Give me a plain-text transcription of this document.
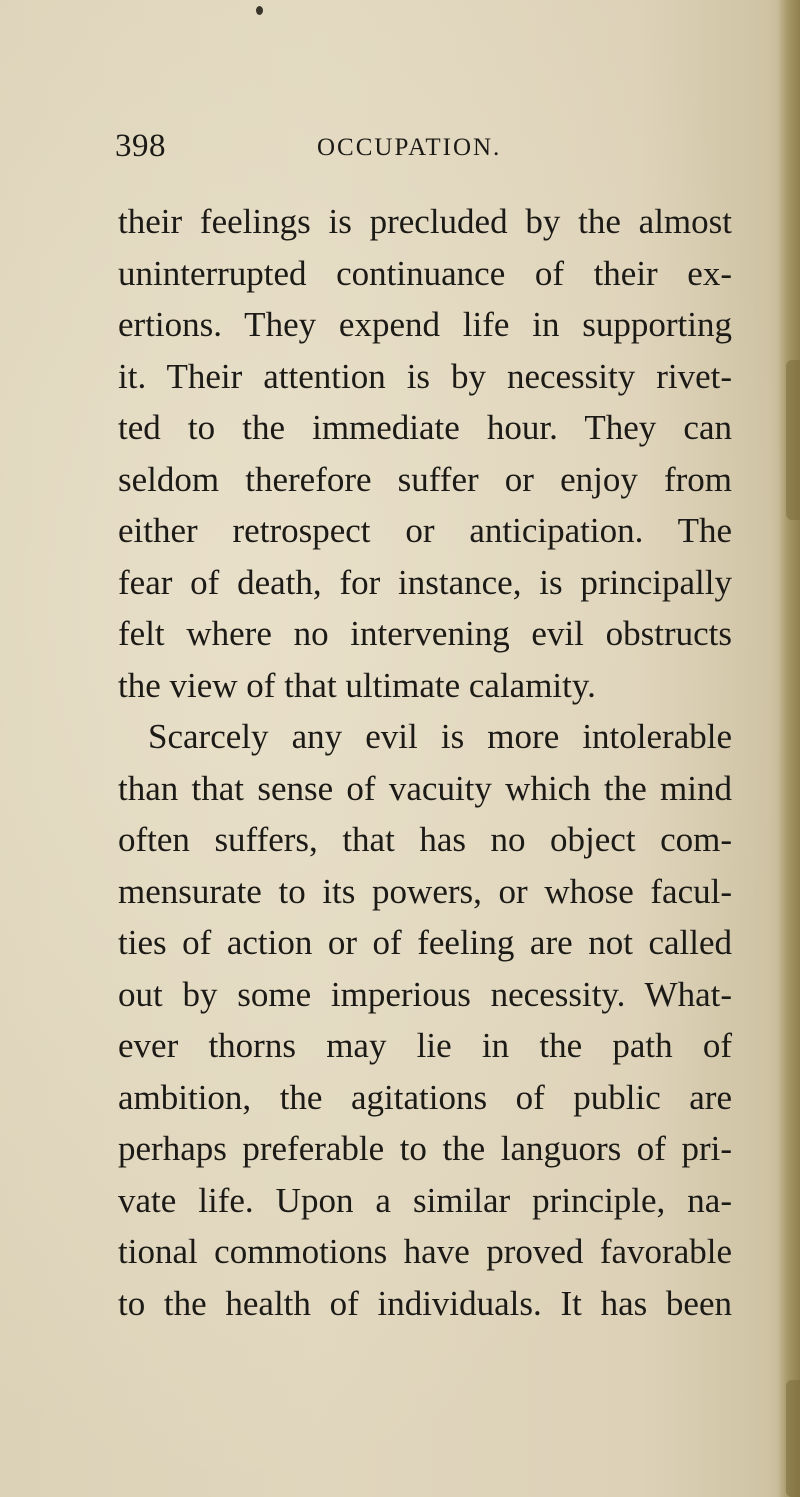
398	OCCUPATION.
their feelings is precluded by the almost
uninterrupted continuance of their ex-
ertions. They expend life in supporting
it. Their attention is by necessity rivet-
ted to the immediate hour. They can
seldom therefore suffer or enjoy from
either retrospect or anticipation. The
fear of death, for instance, is principally
felt where no intervening evil obstructs
the view of that ultimate calamity.
Scarcely any evil is more intolerable
than that sense of vacuity which the mind
often suffers, that has no object com-
mensurate to its powers, or whose facul-
ties of action or of feeling are not called
out by some imperious necessity. What-
ever thorns may lie in the path of
ambition, the agitations of public are
perhaps preferable to the languors of pri-
vate life. Upon a similar principle, na-
tional commotions have proved favorable
to the health of individuals. It has been
